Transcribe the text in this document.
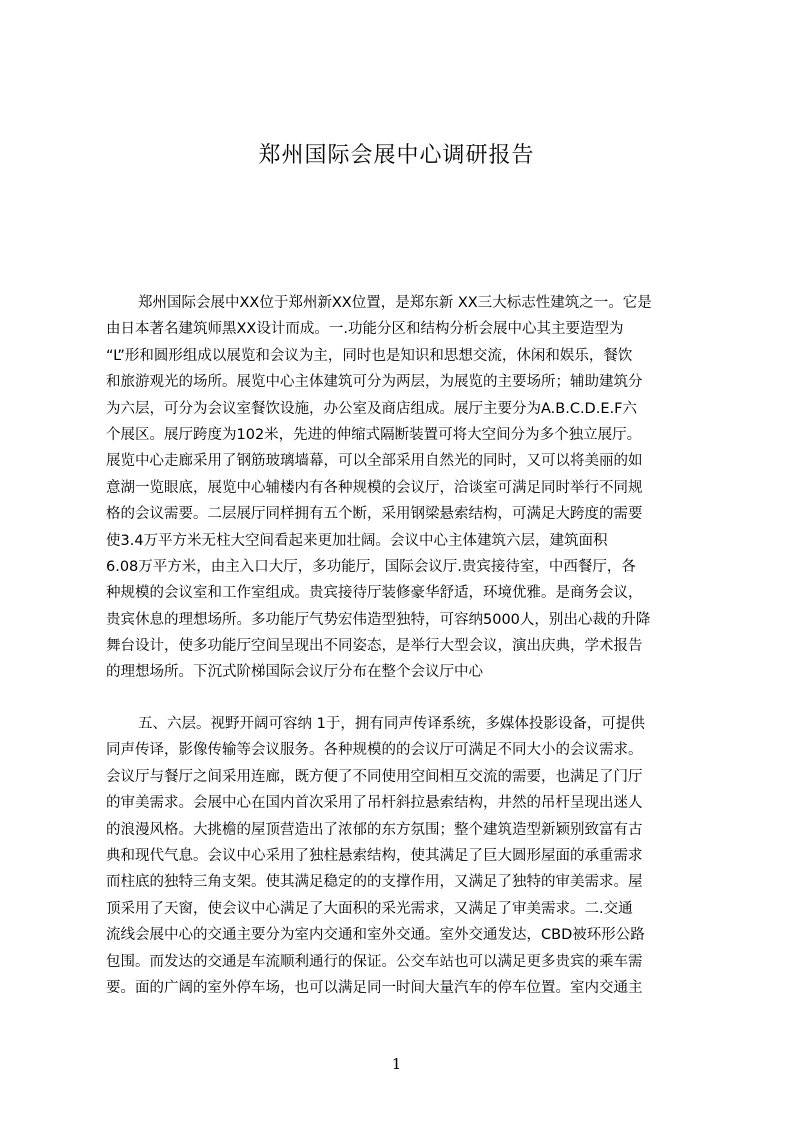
郑州国际会展中心调研报告
郑州国际会展中XX位于郑州新XX位置，是郑东新 XX三大标志性建筑之一。它是
由日本著名建筑师黑XX设计而成。一.功能分区和结构分析会展中心其主要造型为
“L”形和圆形组成以展览和会议为主，同时也是知识和思想交流，休闲和娱乐，餐饮
和旅游观光的场所。展览中心主体建筑可分为两层，为展览的主要场所；辅助建筑分
为六层，可分为会议室餐饮设施，办公室及商店组成。展厅主要分为A.B.C.D.E.F六
个展区。展厅跨度为102米，先进的伸缩式隔断装置可将大空间分为多个独立展厅。
展览中心走廊采用了钢筋玻璃墙幕，可以全部采用自然光的同时，又可以将美丽的如
意湖一览眼底，展览中心辅楼内有各种规模的会议厅，洽谈室可满足同时举行不同规
格的会议需要。二层展厅同样拥有五个断，采用钢梁悬索结构，可满足大跨度的需要
使3.4万平方米无柱大空间看起来更加壮阔。会议中心主体建筑六层，建筑面积
6.08万平方米，由主入口大厅，多功能厅，国际会议厅.贵宾接待室，中西餐厅，各
种规模的会议室和工作室组成。贵宾接待厅装修豪华舒适，环境优雅。是商务会议，
贵宾休息的理想场所。多功能厅气势宏伟造型独特，可容纳5000人，别出心裁的升降
舞台设计，使多功能厅空间呈现出不同姿态，是举行大型会议，演出庆典，学术报告
的理想场所。下沉式阶梯国际会议厅分布在整个会议厅中心
五、六层。视野开阔可容纳 1于，拥有同声传译系统，多媒体投影设备，可提供
同声传译，影像传输等会议服务。各种规模的的会议厅可满足不同大小的会议需求。
会议厅与餐厅之间采用连廊，既方便了不同使用空间相互交流的需要，也满足了门厅
的审美需求。会展中心在国内首次采用了吊杆斜拉悬索结构，井然的吊杆呈现出迷人
的浪漫风格。大挑檐的屋顶营造出了浓郁的东方氛围；整个建筑造型新颖别致富有古
典和现代气息。会议中心采用了独柱悬索结构，使其满足了巨大圆形屋面的承重需求
而柱底的独特三角支架。使其满足稳定的的支撑作用，又满足了独特的审美需求。屋
顶采用了天窗，使会议中心满足了大面积的采光需求，又满足了审美需求。二.交通
流线会展中心的交通主要分为室内交通和室外交通。室外交通发达，CBD被环形公路
包围。而发达的交通是车流顺利通行的保证。公交车站也可以满足更多贵宾的乘车需
要。面的广阔的室外停车场，也可以满足同一时间大量汽车的停车位置。室内交通主
1
